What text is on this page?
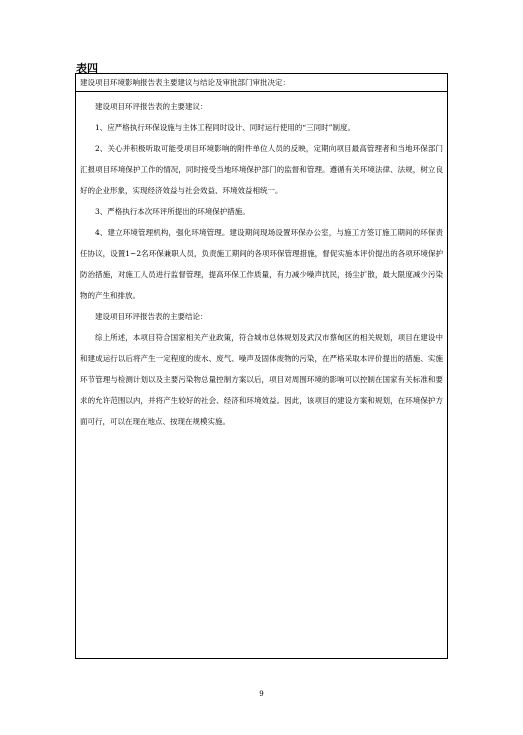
表四
建设项目环境影响报告表主要建议与结论及审批部门审批决定：

建设项目环评报告表的主要建议：

1、应严格执行环保设施与主体工程同时设计、同时运行使用的“三同时”制度。

2、关心并积极听取可能受项目环境影响的附件单位人员的反映，定期向项目最高管理者和当地环保部门汇报项目环境保护工作的情况，同时接受当地环境保护部门的监督和管理。遵循有关环境法律、法规，树立良好的企业形象，实现经济效益与社会效益、环境效益相统一。

3、严格执行本次环评所提出的环境保护措施。

4、建立环境管理机构，强化环境管理。建设期间现场设置环保办公室，与施工方签订施工期间的环保责任协议，设置1~2名环保兼职人员，负责施工期间的各项环保管理措施，督促实施本评价提出的各项环境保护防治措施，对施工人员进行监督管理，提高环保工作质量，有力减少噪声扰民，扬尘扩散，最大限度减少污染物的产生和排放。

建设项目环评报告表的主要结论：

综上所述，本项目符合国家相关产业政策，符合城市总体规划及武汉市蔡甸区的相关规划，项目在建设中和建成运行以后将产生一定程度的废水、废气、噪声及固体废物的污染，在严格采取本评价提出的措施、实施环节管理与检测计划以及主要污染物总量控制方案以后，项目对周围环境的影响可以控制在国家有关标准和要求的允许范围以内，并将产生较好的社会、经济和环境效益。因此，该项目的建设方案和规划，在环境保护方面可行，可以在现在地点、按现在规模实施。

9
